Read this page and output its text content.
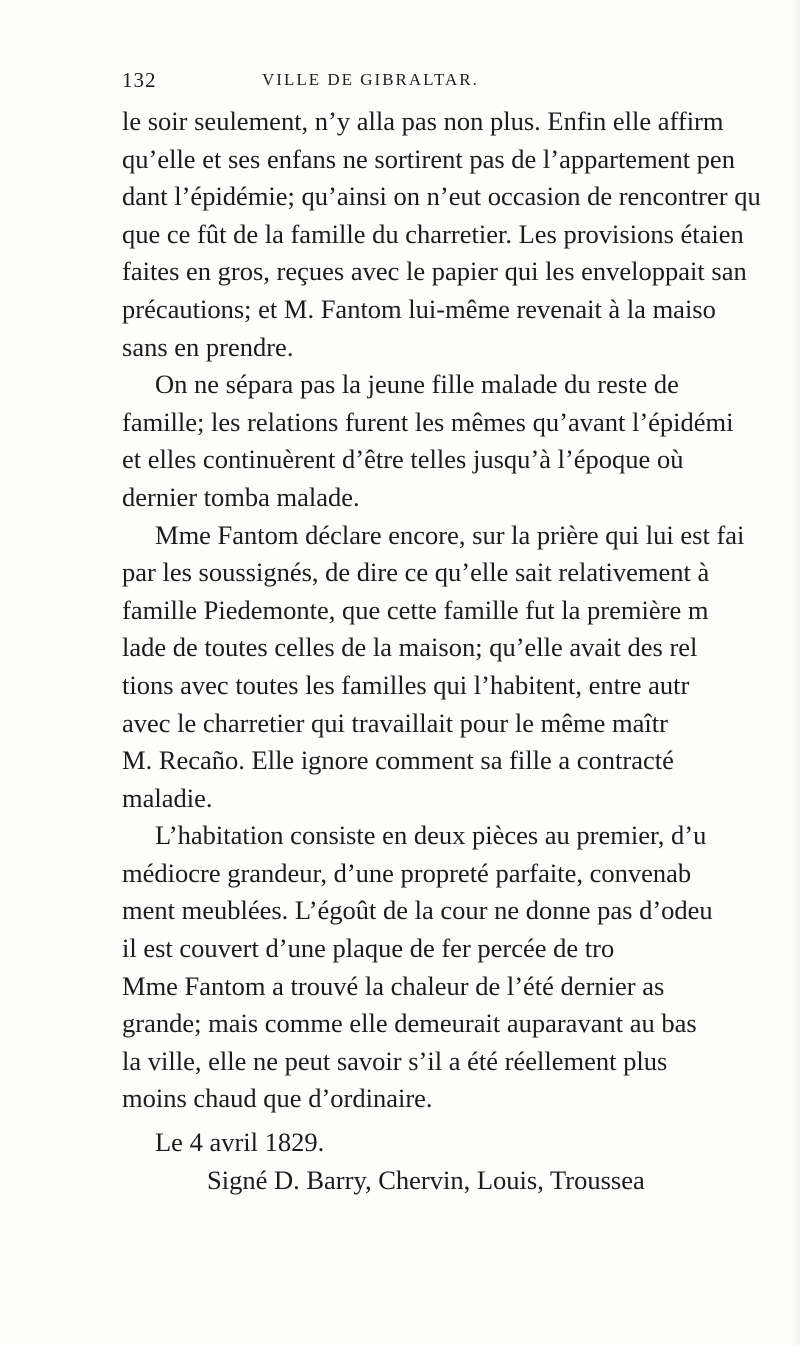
132	VILLE DE GIBRALTAR.
le soir seulement, n’y alla pas non plus. Enfin elle affirm
qu’elle et ses enfans ne sortirent pas de l’appartement pen
dant l’épidémie; qu’ainsi on n’eut occasion de rencontrer qu
que ce fût de la famille du charretier. Les provisions étaien
faites en gros, reçues avec le papier qui les enveloppait san
précautions; et M. Fantom lui-même revenait à la maiso
sans en prendre.
On ne sépara pas la jeune fille malade du reste de
famille; les relations furent les mêmes qu’avant l’épidémi
et elles continuèrent d’être telles jusqu’à l’époque où
dernier tomba malade.
Mme Fantom déclare encore, sur la prière qui lui est fai
par les soussignés, de dire ce qu’elle sait relativement à
famille Piedemonte, que cette famille fut la première m
lade de toutes celles de la maison; qu’elle avait des rel
tions avec toutes les familles qui l’habitent, entre autr
avec le charretier qui travaillait pour le même maîtr
M. Recaño. Elle ignore comment sa fille a contracté
maladie.
L’habitation consiste en deux pièces au premier, d’u
médiocre grandeur, d’une propreté parfaite, convenab
ment meublées. L’égoût de la cour ne donne pas d’odeu
il est couvert d’une plaque de fer percée de tro
Mme Fantom a trouvé la chaleur de l’été dernier as
grande; mais comme elle demeurait auparavant au bas
la ville, elle ne peut savoir s’il a été réellement plus
moins chaud que d’ordinaire.
Le 4 avril 1829.
Signé D. Barry, Chervin, Louis, Troussea
